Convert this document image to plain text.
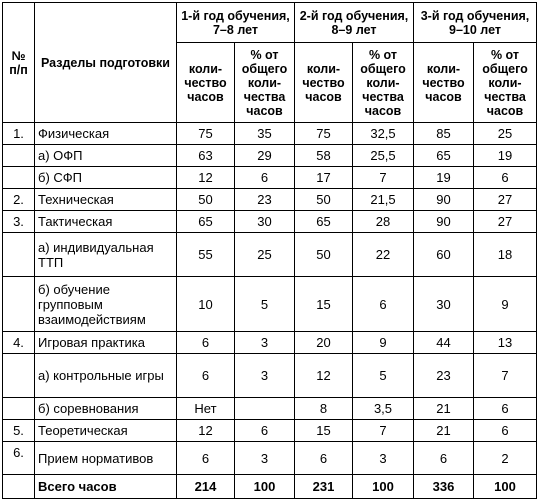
№ п/п	Разделы подготовки	1-й год обучения, 7–8 лет		2-й год обучения, 8–9 лет		3-й год обучения, 9–10 лет	
		коли-чество часов	% от общего коли-чества часов	коли-чество часов	% от общего коли-чества часов	коли-чество часов	% от общего коли-чества часов
1.	Физическая	75	35	75	32,5	85	25
	а) ОФП	63	29	58	25,5	65	19
	б) СФП	12	6	17	7	19	6
2.	Техническая	50	23	50	21,5	90	27
3.	Тактическая	65	30	65	28	90	27
	а) индивидуальная ТТП	55	25	50	22	60	18
	б) обучение групповым взаимодействиям	10	5	15	6	30	9
4.	Игровая практика	6	3	20	9	44	13
	а) контрольные игры	6	3	12	5	23	7
	б) соревнования	Нет		8	3,5	21	6
5.	Теоретическая	12	6	15	7	21	6
6.	Прием нормативов	6	3	6	3	6	2
	Всего часов	214	100	231	100	336	100
